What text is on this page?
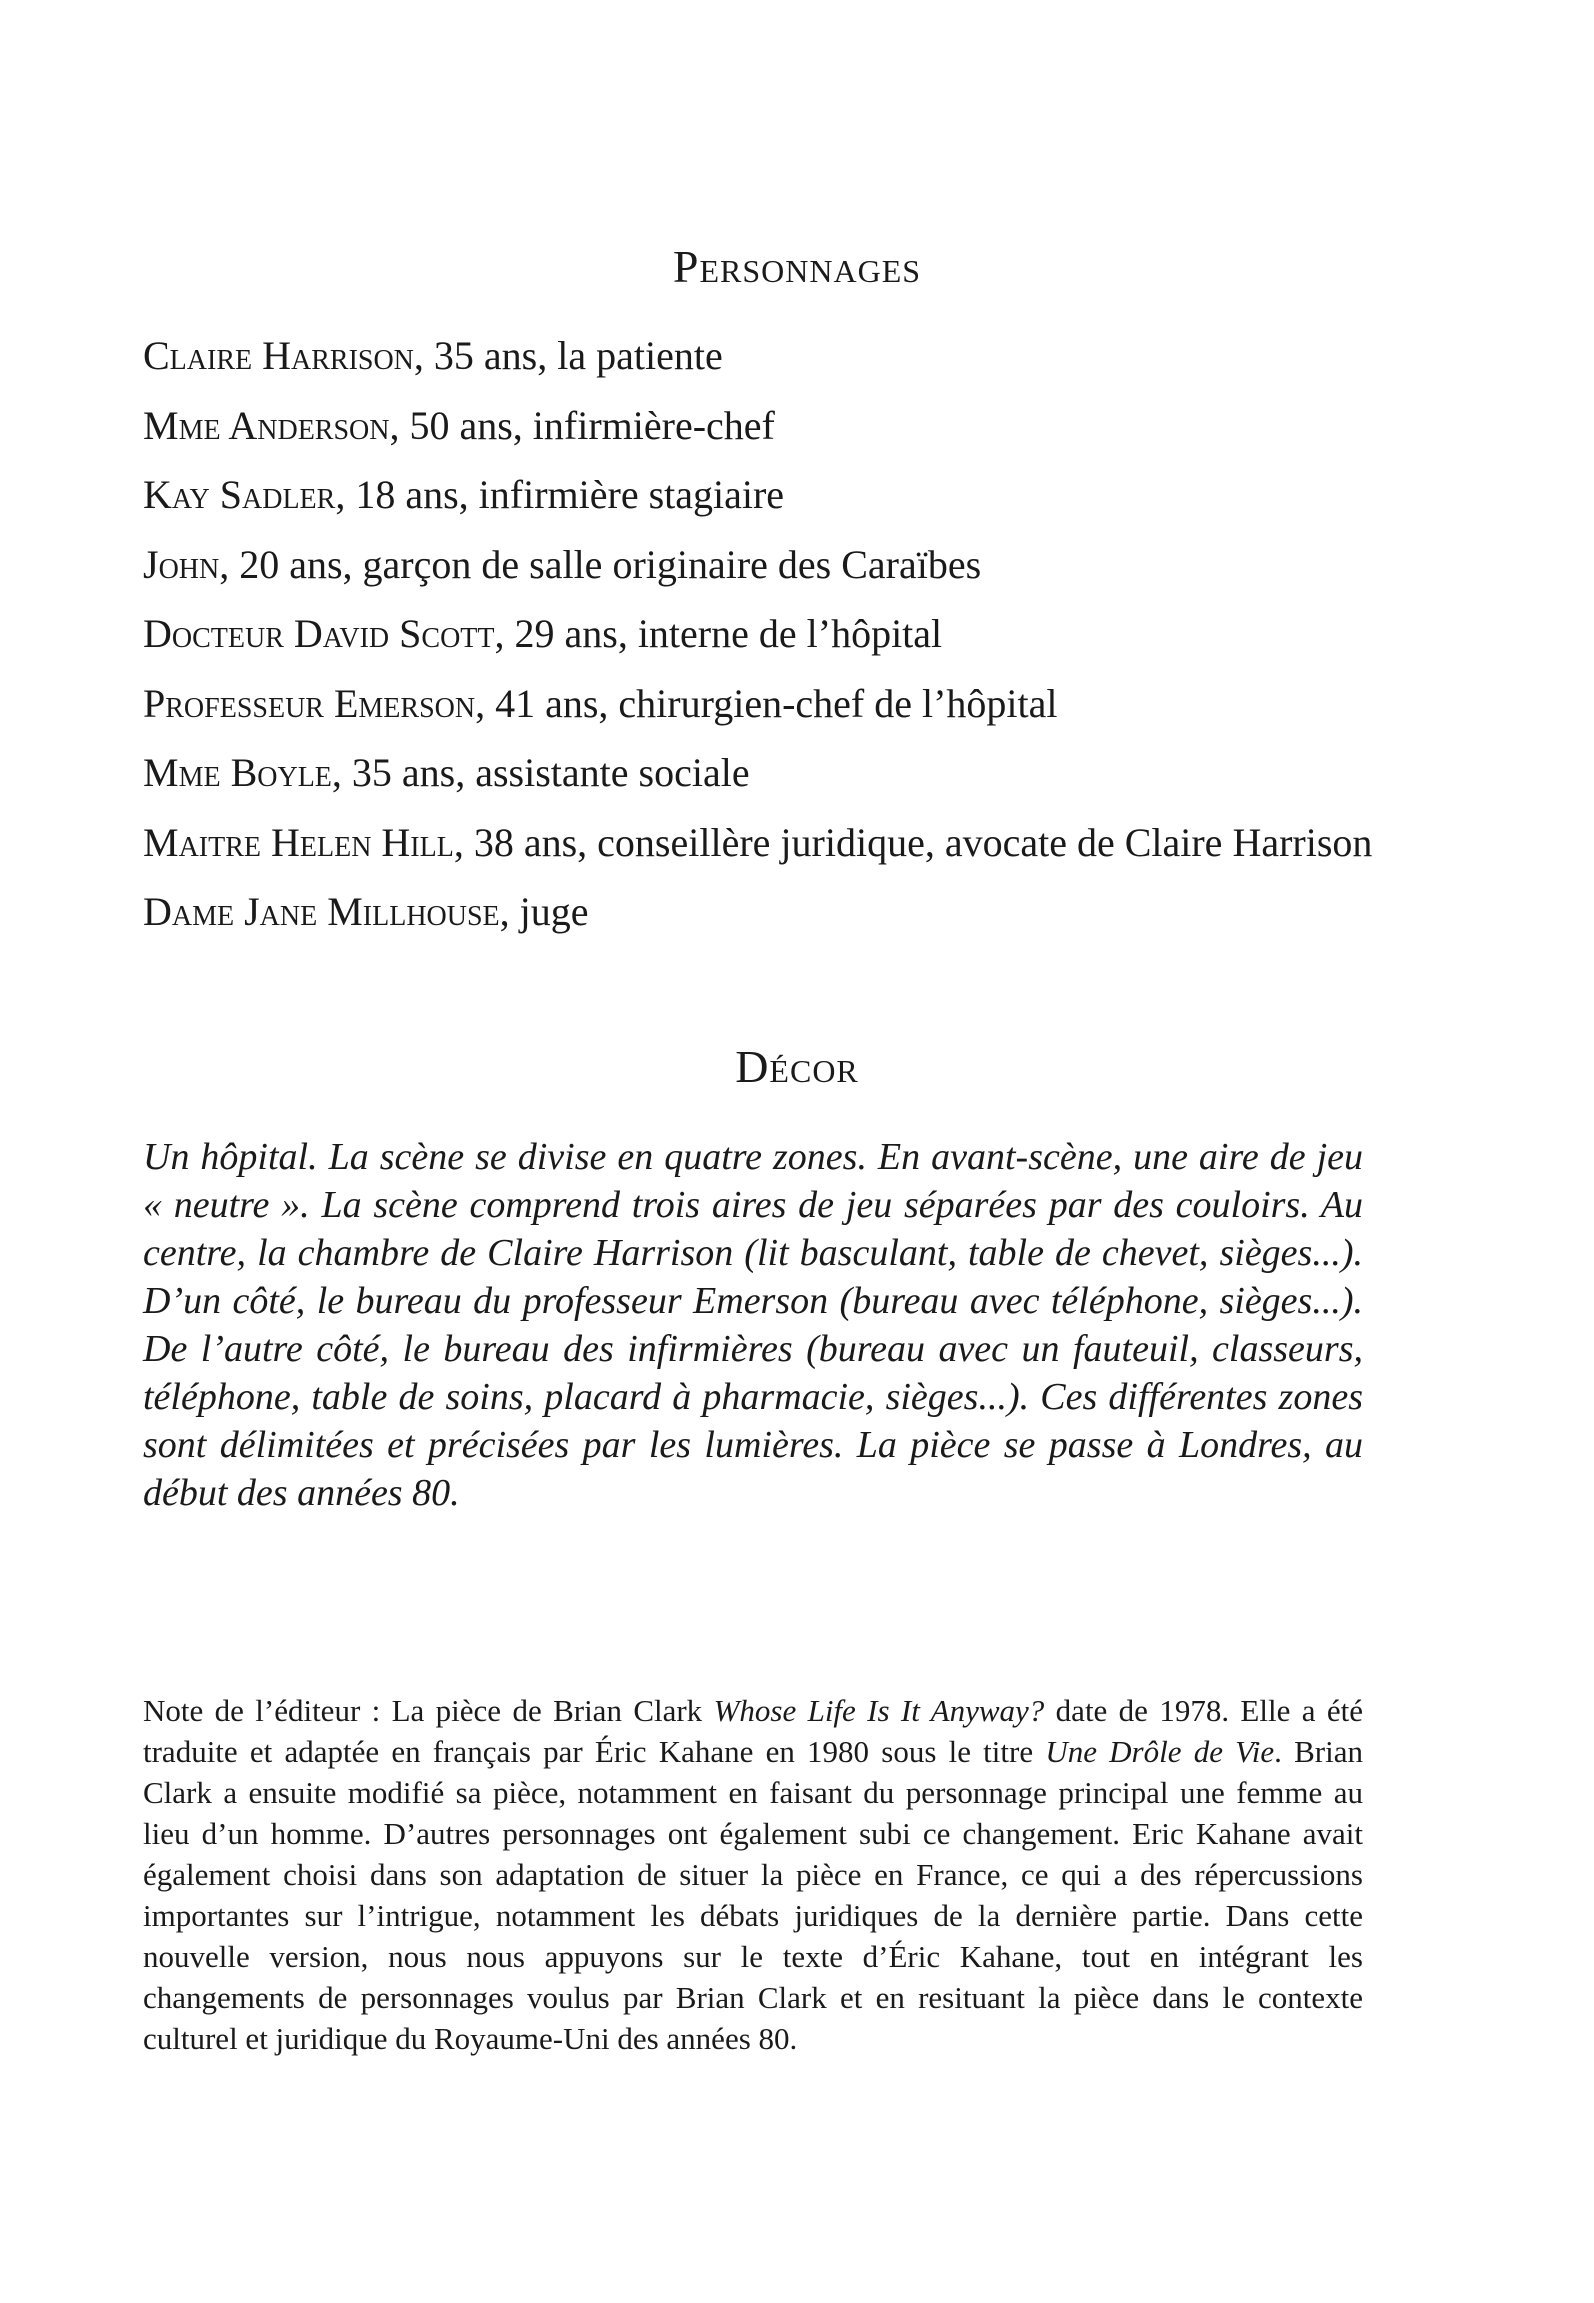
Personnages
Claire Harrison, 35 ans, la patiente
Mme Anderson, 50 ans, infirmière-chef
Kay Sadler, 18 ans, infirmière stagiaire
John, 20 ans, garçon de salle originaire des Caraïbes
Docteur David Scott, 29 ans, interne de l’hôpital
Professeur Emerson, 41 ans, chirurgien-chef de l’hôpital
Mme Boyle, 35 ans, assistante sociale
Maitre Helen Hill, 38 ans, conseillère juridique, avocate de Claire Harrison
Dame Jane Millhouse, juge
Décor

Un hôpital. La scène se divise en quatre zones. En avant-scène, une aire de jeu « neutre ». La scène comprend trois aires de jeu séparées par des couloirs. Au centre, la chambre de Claire Harrison (lit basculant, table de chevet, sièges...). D’un côté, le bureau du professeur Emerson (bureau avec téléphone, sièges...). De l’autre côté, le bureau des infirmières (bureau avec un fauteuil, classeurs, téléphone, table de soins, placard à pharmacie, sièges...). Ces différentes zones sont délimitées et précisées par les lumières. La pièce se passe à Londres, au début des années 80.

Note de l’éditeur : La pièce de Brian Clark Whose Life Is It Anyway? date de 1978. Elle a été traduite et adaptée en français par Éric Kahane en 1980 sous le titre Une Drôle de Vie. Brian Clark a ensuite modifié sa pièce, notamment en faisant du personnage principal une femme au lieu d’un homme. D’autres personnages ont également subi ce changement. Eric Kahane avait également choisi dans son adaptation de situer la pièce en France, ce qui a des répercussions importantes sur l’intrigue, notamment les débats juridiques de la dernière partie. Dans cette nouvelle version, nous nous appuyons sur le texte d’Éric Kahane, tout en intégrant les changements de personnages voulus par Brian Clark et en resituant la pièce dans le contexte culturel et juridique du Royaume-Uni des années 80.
